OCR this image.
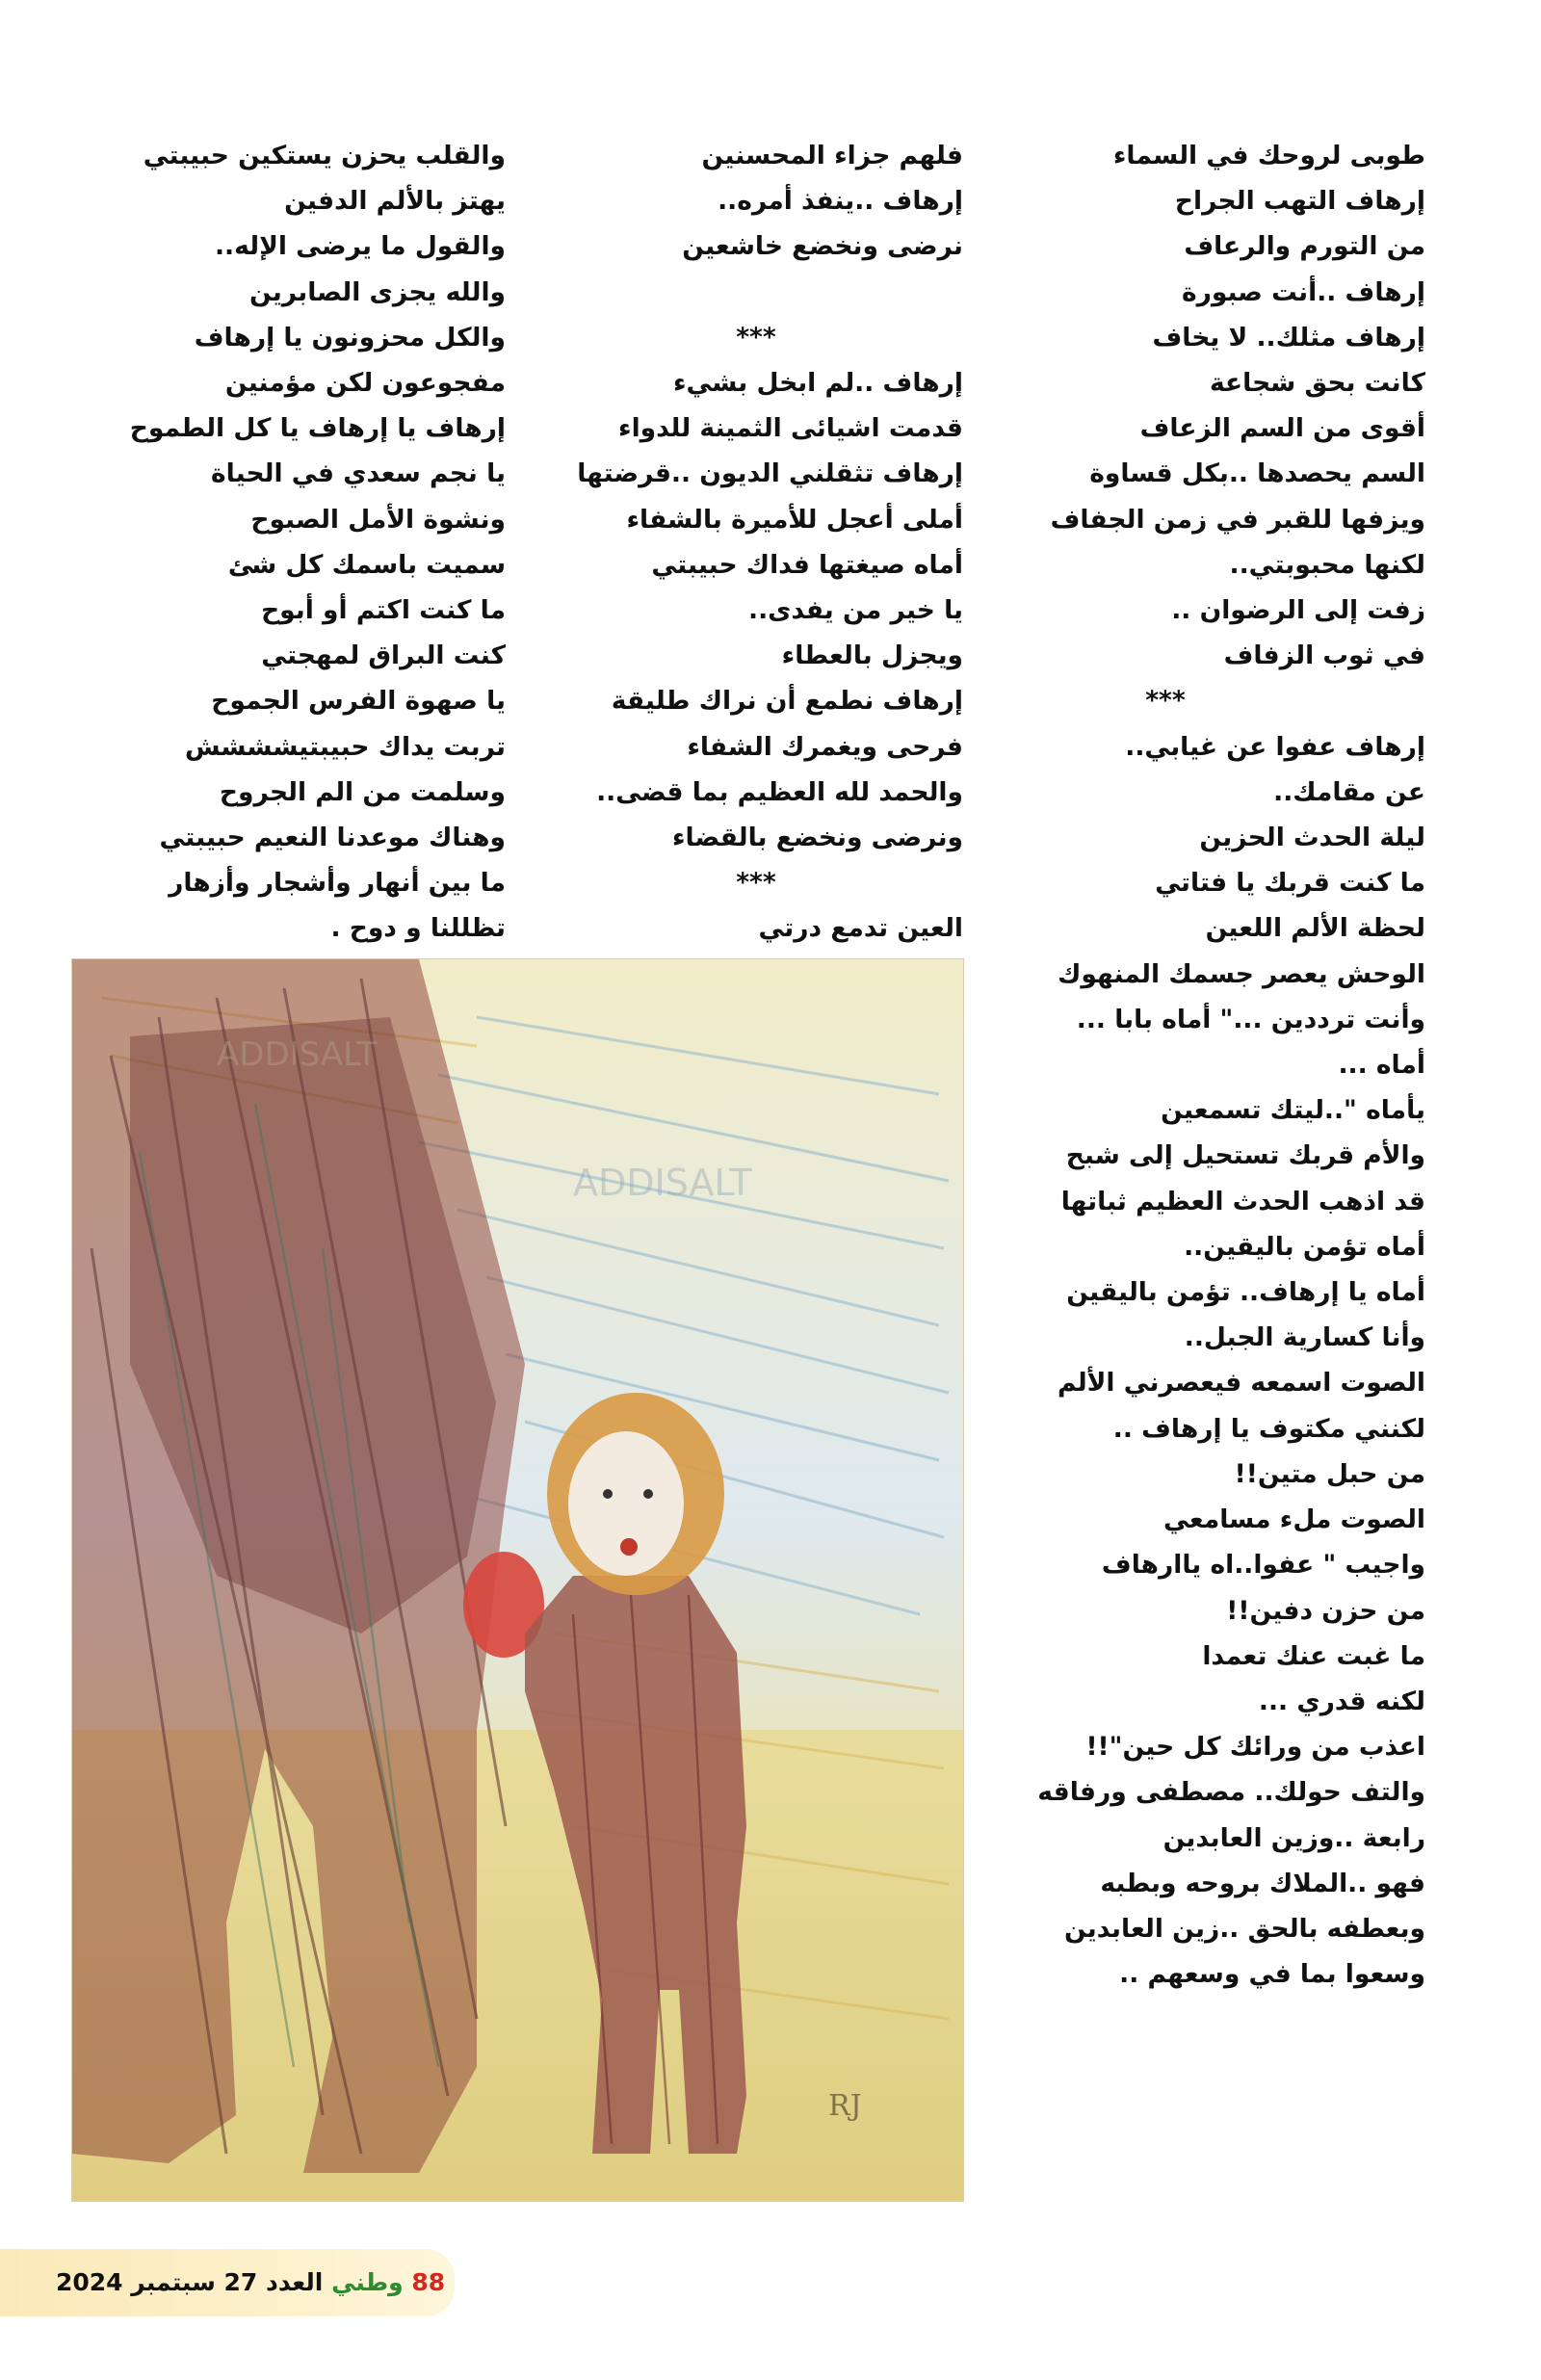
طوبى لروحك في السماء
إرهاف التهب الجراح
من التورم والرعاف
إرهاف ..أنت صبورة
إرهاف مثلك.. لا يخاف
كانت بحق شجاعة
أقوى من السم الزعاف
السم يحصدها ..بكل قساوة
ويزفها للقبر في زمن الجفاف
لكنها محبوبتي..
زفت إلى الرضوان ..
في ثوب الزفاف
***
إرهاف عفوا عن غيابي..
عن مقامك..
ليلة الحدث الحزين
ما كنت قربك يا فتاتي
لحظة الألم اللعين
الوحش يعصر جسمك المنهوك
وأنت ترددين ..." أماه بابا ...
أماه ...
يأماه "..ليتك تسمعين
والأم قربك تستحيل إلى شبح
قد اذهب الحدث العظيم ثباتها
أماه تؤمن باليقين..
أماه يا إرهاف.. تؤمن باليقين
وأنا كسارية الجبل..
الصوت اسمعه فيعصرني الألم
لكنني مكتوف يا إرهاف ..
من حبل متين!!
الصوت ملء مسامعي
واجيب " عفوا..اه ياارهاف
من حزن دفين!!
ما غبت عنك تعمدا
لكنه قدري ...
اعذب من ورائك كل حين"!!
والتف حولك.. مصطفى ورفاقه
رابعة ..وزين العابدين
فهو ..الملاك بروحه وبطبه
وبعطفه بالحق ..زين العابدين
وسعوا بما في وسعهم ..
فلهم جزاء المحسنين
إرهاف ..ينفذ أمره..
نرضى ونخضع خاشعين

***
إرهاف ..لم ابخل بشيء
قدمت اشيائى الثمينة للدواء
إرهاف تثقلني الديون ..قرضتها
أملى أعجل للأميرة بالشفاء
أماه صيغتها فداك حبيبتي
يا خير من يفدى..
ويجزل بالعطاء
إرهاف نطمع أن نراك طليقة
فرحى ويغمرك الشفاء
والحمد لله العظيم بما قضى..
ونرضى ونخضع بالقضاء
***
العين تدمع درتي
والقلب يحزن يستكين حبيبتي
يهتز بالألم الدفين
والقول ما يرضى الإله..
والله يجزى الصابرين
والكل محزونون يا إرهاف
مفجوعون لكن مؤمنين
إرهاف يا إرهاف يا كل الطموح
يا نجم سعدي في الحياة
ونشوة الأمل الصبوح
سميت باسمك كل شئ
ما كنت اكتم أو أبوح
كنت البراق لمهجتي
يا صهوة الفرس الجموح
تربت يداك حبيبتيشششش
وسلمت من الم الجروح
وهناك موعدنا النعيم حبيبتي
ما بين أنهار وأشجار وأزهار
تظللنا و دوح .
ADDISALT
ADDISALT
RJ
88 وطني العدد 27 سبتمبر 2024
